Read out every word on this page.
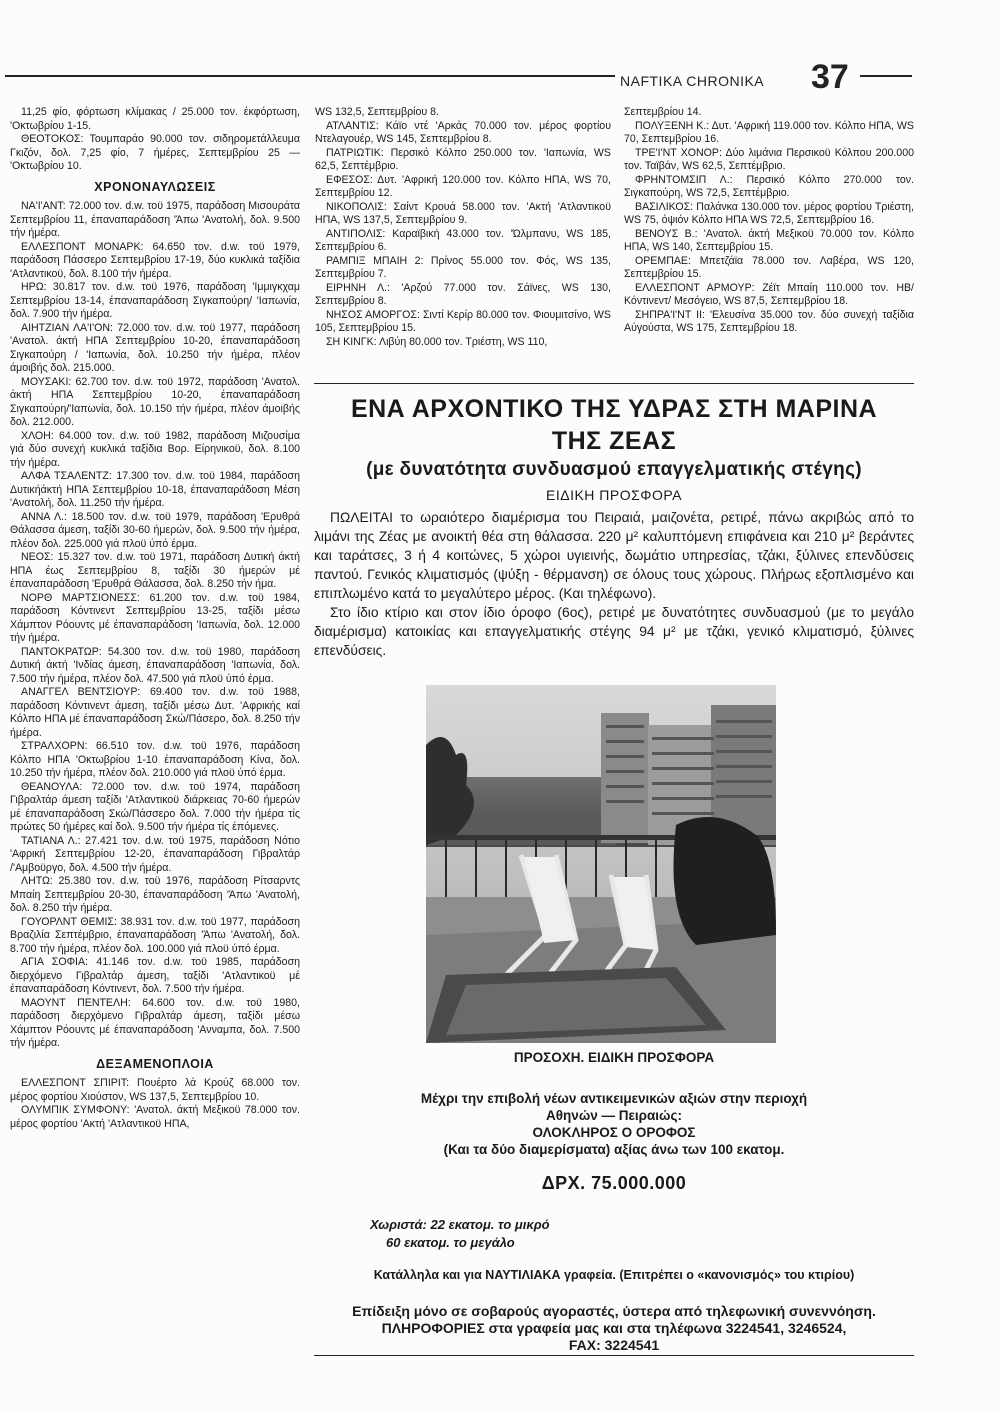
NAFTIKA CHRONIKA 37

11,25 φίο, φόρτωση κλίμακας / 25.000 τον. έκφόρτωση, 'Οκτωβρίου 1-15.

ΘΕΟΤΟΚΟΣ: Τουμπαράο 90.000 τον. σιδηρομετάλλευμα Γκιζόν, δολ. 7,25 φίο, 7 ήμέρες, Σεπτεμβρίου 25 — 'Οκτωβρίου 10.

ΧΡΟΝΟΝΑΥΛΩΣΕΙΣ

ΝΑ'Ι'ΑΝΤ: 72.000 τον. d.w. τοϋ 1975, παράδοση Μισουράτα Σεπτεμβρίου 11, έπαναπαράδοση 'Άπω 'Ανατολή, δολ. 9.500 τήν ήμέρα.

ΕΛΛΕΣΠΟΝΤ ΜΟΝΑΡΚ: 64.650 τον. d.w. τοϋ 1979, παράδοση Πάσσερο Σεπτεμβρίου 17-19, δύο κυκλικά ταξίδια 'Ατλαντικοϋ, δολ. 8.100 τήν ήμέρα.

ΗΡΩ: 30.817 τον. d.w. τοϋ 1976, παράδοση 'Ιμμιγκχαμ Σεπτεμβρίου 13-14, έπαναπαράδοση Σιγκαπούρη/ 'Ιαπωνία, δολ. 7.900 τήν ήμέρα.

ΑΙΗΤΖΙΑΝ ΛΑ'Ι'ΟΝ: 72.000 τον. d.w. τοϋ 1977, παράδοση 'Ανατολ. άκτή ΗΠΑ Σεπτεμβρίου 10-20, έπαναπαράδοση Σιγκαπούρη / 'Ιαπωνία, δολ. 10.250 τήν ήμέρα, πλέον άμοιβής δολ. 215.000.

ΜΟΥΣΑΚΙ: 62.700 τον. d.w. τοϋ 1972, παράδοση 'Ανατολ. άκτή ΗΠΑ Σεπτεμβρίου 10-20, έπαναπαράδοση Σιγκαπούρη/'Ιαπωνία, δολ. 10.150 τήν ήμέρα, πλέον άμοιβής δολ. 212.000.

ΧΛΟΗ: 64.000 τον. d.w. τοϋ 1982, παράδοση Μιζουσίμα γιά δύο συνεχή κυκλικά ταξίδια Βορ. Είρηνικοϋ, δολ. 8.100 τήν ήμέρα.

ΑΛΦΑ ΤΣΑΛΕΝΤΖ: 17.300 τον. d.w. τοϋ 1984, παράδοση Δυτικήάκτή ΗΠΑ Σεπτεμβρίου 10-18, έπαναπαράδοση Μέση 'Ανατολή, δολ. 11.250 τήν ήμέρα.

ΑΝΝΑ Λ.: 18.500 τον. d.w. τοϋ 1979, παράδοση 'Ερυθρά Θάλασσα άμεση, ταξίδι 30-60 ήμερών, δολ. 9.500 τήν ήμέρα, πλέον δολ. 225.000 γιά πλοϋ ύπό έρμα.

ΝΕΟΣ: 15.327 τον. d.w. τοϋ 1971, παράδοση Δυτική άκτή ΗΠΑ έως Σεπτεμβρίου 8, ταξίδι 30 ήμερών μέ έπαναπαράδοση 'Ερυθρά Θάλασσα, δολ. 8.250 τήν ήμα.

ΝΟΡΘ ΜΑΡΤΣΙΟΝΕΣΣ: 61.200 τον. d.w. τοϋ 1984, παράδοση Κόντινεντ Σεπτεμβρίου 13-25, ταξίδι μέσω Χάμπτον Ρόουντς μέ έπαναπαράδοση 'Ιαπωνία, δολ. 12.000 τήν ήμέρα.

ΠΑΝΤΟΚΡΑΤΩΡ: 54.300 τον. d.w. τοϋ 1980, παράδοση Δυτική άκτή 'Ινδίας άμεση, έπαναπαράδοση 'Ιαπωνία, δολ. 7.500 τήν ήμέρα, πλέον δολ. 47.500 γιά πλοϋ ύπό έρμα.

ΑΝΑΓΓΕΛ ΒΕΝΤΣΙΟΥΡ: 69.400 τον. d.w. τοϋ 1988, παράδοση Κόντινεντ άμεση, ταξίδι μέσω Δυτ. 'Αφρικής καί Κόλπο ΗΠΑ μέ έπαναπαράδοση Σκώ/Πάσερο, δολ. 8.250 τήν ήμέρα.

ΣΤΡΑΛΧΟΡΝ: 66.510 τον. d.w. τοϋ 1976, παράδοση Κόλπο ΗΠΑ 'Οκτωβρίου 1-10 έπαναπαράδοση Κίνα, δολ. 10.250 τήν ήμέρα, πλέον δολ. 210.000 γιά πλοϋ ύπό έρμα.

ΘΕΑΝΟΥΛΑ: 72.000 τον. d.w. τοϋ 1974, παράδοση Γιβραλτάρ άμεση ταξίδι 'Ατλαντικοϋ διάρκειας 70-60 ήμερών μέ έπαναπαράδοση Σκώ/Πάσσερο δολ. 7.000 τήν ήμέρα τίς πρώτες 50 ήμέρες καί δολ. 9.500 τήν ήμέρα τίς έπόμενες.

ΤΑΤΙΑΝΑ Λ.: 27.421 τον. d.w. τοϋ 1975, παράδοση Νότιο 'Αφρική Σεπτεμβρίου 12-20, έπαναπαράδοση Γιβραλτάρ /'Αμβοϋργο, δολ. 4.500 τήν ήμέρα.

ΛΗΤΩ: 25.380 τον. d.w. τοϋ 1976, παράδοση Ρίτσαρντς Μπαίη Σεπτεμβρίου 20-30, έπαναπαράδοση 'Άπω 'Ανατολή, δολ. 8.250 τήν ήμέρα.

ΓΟΥΟΡΛΝΤ ΘΕΜΙΣ: 38.931 τον. d.w. τοϋ 1977, παράδοση Βραζιλία Σεπτέμβριο, έπαναπαράδοση 'Άπω 'Ανατολή, δολ. 8.700 τήν ήμέρα, πλέον δολ. 100.000 γιά πλοϋ ύπό έρμα.

ΑΓΙΑ ΣΟΦΙΑ: 41.146 τον. d.w. τοϋ 1985, παράδοση διερχόμενο Γιβραλτάρ άμεση, ταξίδι 'Ατλαντικοϋ μέ έπαναπαράδοση Κόντινεντ, δολ. 7.500 τήν ήμέρα.

ΜΑΟΥΝΤ ΠΕΝΤΕΛΗ: 64.600 τον. d.w. τοϋ 1980, παράδοση διερχόμενο Γιβραλτάρ άμεση, ταξίδι μέσω Χάμπτον Ρόουντς μέ έπαναπαράδοση 'Ανναμπα, δολ. 7.500 τήν ήμέρα.

ΔΕΞΑΜΕΝΟΠΛΟΙΑ

ΕΛΛΕΣΠΟΝΤ ΣΠΙΡΙΤ: Πουέρτο λά Κρούζ 68.000 τον. μέρος φορτίου Χιούστον, WS 137,5, Σεπτεμβρίου 10.

ΟΛΥΜΠΙΚ ΣΥΜΦΟΝΥ: 'Ανατολ. άκτή Μεξικοϋ 78.000 τον. μέρος φορτίου 'Ακτή 'Ατλαντικοϋ ΗΠΑ,

WS 132,5, Σεπτεμβρίου 8.

ΑΤΛΑΝΤΙΣ: Κάϊο ντέ 'Αρκάς 70.000 τον. μέρος φορτίου Ντελαγουέρ, WS 145, Σεπτεμβρίου 8.

ΠΑΤΡΙΩΤΙΚ: Περσικό Κόλπο 250.000 τον. 'Ιαπωνία, WS 62,5, Σεπτέμβριο.

ΕΦΕΣΟΣ: Δυτ. 'Αφρική 120.000 τον. Κόλπο ΗΠΑ, WS 70, Σεπτεμβρίου 12.

ΝΙΚΟΠΟΛΙΣ: Σαίντ Κρουά 58.000 τον. 'Ακτή 'Ατλαντικοϋ ΗΠΑ, WS 137,5, Σεπτεμβρίου 9.

ΑΝΤΙΠΟΛΙΣ: Καραϊβική 43.000 τον. 'Ώλμπανυ, WS 185, Σεπτεμβρίου 6.

ΡΑΜΠΙΞ ΜΠΑΙΗ 2: Πρίνος 55.000 τον. Φός, WS 135, Σεπτεμβρίου 7.

ΕΙΡΗΝΗ Λ.: 'Αρζού 77.000 τον. Σάϊνες, WS 130, Σεπτεμβρίου 8.

ΝΗΣΟΣ ΑΜΟΡΓΟΣ: Σιντί Κερίρ 80.000 τον. Φιουμιτσίνο, WS 105, Σεπτεμβρίου 15.

ΣΗ ΚΙΝΓΚ: Λιβύη 80.000 τον. Τριέστη, WS 110,

Σεπτεμβρίου 14.

ΠΟΛΥΞΕΝΗ Κ.: Δυτ. 'Αφρική 119.000 τον. Κόλπο ΗΠΑ, WS 70, Σεπτεμβρίου 16.

ΤΡΕ'Ι'ΝΤ ΧΟΝΟΡ: Δύο λιμάνια Περσικοϋ Κόλπου 200.000 τον. Ταϊβάν, WS 62,5, Σεπτέμβριο.

ΦΡΗΝΤΟΜΣΙΠ Λ.: Περσικό Κόλπο 270.000 τον. Σιγκαπούρη, WS 72,5, Σεπτέμβριο.

ΒΑΣΙΛΙΚΟΣ: Παλάνκα 130.000 τον. μέρος φορτίου Τριέστη, WS 75, όψιόν Κόλπο ΗΠΑ WS 72,5, Σεπτεμβρίου 16.

ΒΕΝΟΥΣ Β.: 'Ανατολ. άκτή Μεξικοϋ 70.000 τον. Κόλπο ΗΠΑ, WS 140, Σεπτεμβρίου 15.

ΟΡΕΜΠΑΕ: Μπετζάϊα 78.000 τον. Λαβέρα, WS 120, Σεπτεμβρίου 15.

ΕΛΛΕΣΠΟΝΤ ΑΡΜΟΥΡ: Ζέϊτ Μπαίη 110.000 τον. ΗΒ/Κόντινεντ/ Μεσόγειο, WS 87,5, Σεπτεμβρίου 18.

ΣΗΠΡΑ'Ι'ΝΤ ΙΙ: 'Ελευσίνα 35.000 τον. δύο συνεχή ταξίδια Αύγούστα, WS 175, Σεπτεμβρίου 18.

ΕΝΑ ΑΡΧΟΝΤΙΚΟ ΤΗΣ ΥΔΡΑΣ ΣΤΗ ΜΑΡΙΝΑ
ΤΗΣ ΖΕΑΣ

(με δυνατότητα συνδυασμού επαγγελματικής στέγης)

ΕΙΔΙΚΗ ΠΡΟΣΦΟΡΑ

ΠΩΛΕΙΤΑΙ το ωραιότερο διαμέρισμα του Πειραιά, μαιζονέτα, ρετιρέ, πάνω ακριβώς από το λιμάνι της Ζέας με ανοικτή θέα στη θάλασσα. 220 μ² καλυπτόμενη επιφάνεια και 210 μ² βεράντες και ταράτσες, 3 ή 4 κοιτώνες, 5 χώροι υγιεινής, δωμάτιο υπηρεσίας, τζάκι, ξύλινες επενδύσεις παντού. Γενικός κλιματισμός (ψύξη - θέρμανση) σε όλους τους χώρους. Πλήρως εξοπλισμένο και επιπλωμένο κατά το μεγαλύτερο μέρος. (Και τηλέφωνο).

Στο ίδιο κτίριο και στον ίδιο όροφο (6ος), ρετιρέ με δυνατότητες συνδυασμού (με το μεγάλο διαμέρισμα) κατοικίας και επαγγελματικής στέγης 94 μ² με τζάκι, γενικό κλιματισμό, ξύλινες επενδύσεις.

ΠΡΟΣΟΧΗ. ΕΙΔΙΚΗ ΠΡΟΣΦΟΡΑ
Μέχρι την επιβολή νέων αντικειμενικών αξιών στην περιοχή
Αθηνών — Πειραιώς:
ΟΛΟΚΛΗΡΟΣ Ο ΟΡΟΦΟΣ
(Και τα δύο διαμερίσματα) αξίας άνω των 100 εκατομ.
ΔΡΧ. 75.000.000
Χωριστά: 22 εκατομ. το μικρό
60 εκατομ. το μεγάλο
Κατάλληλα και για ΝΑΥΤΙΛΙΑΚΑ γραφεία. (Επιτρέπει ο «κανονισμός» του κτιρίου)
Επίδειξη μόνο σε σοβαρούς αγοραστές, ύστερα από τηλεφωνική συνεννόηση.
ΠΛΗΡΟΦΟΡΙΕΣ στα γραφεία μας και στα τηλέφωνα 3224541, 3246524,
FAX: 3224541
